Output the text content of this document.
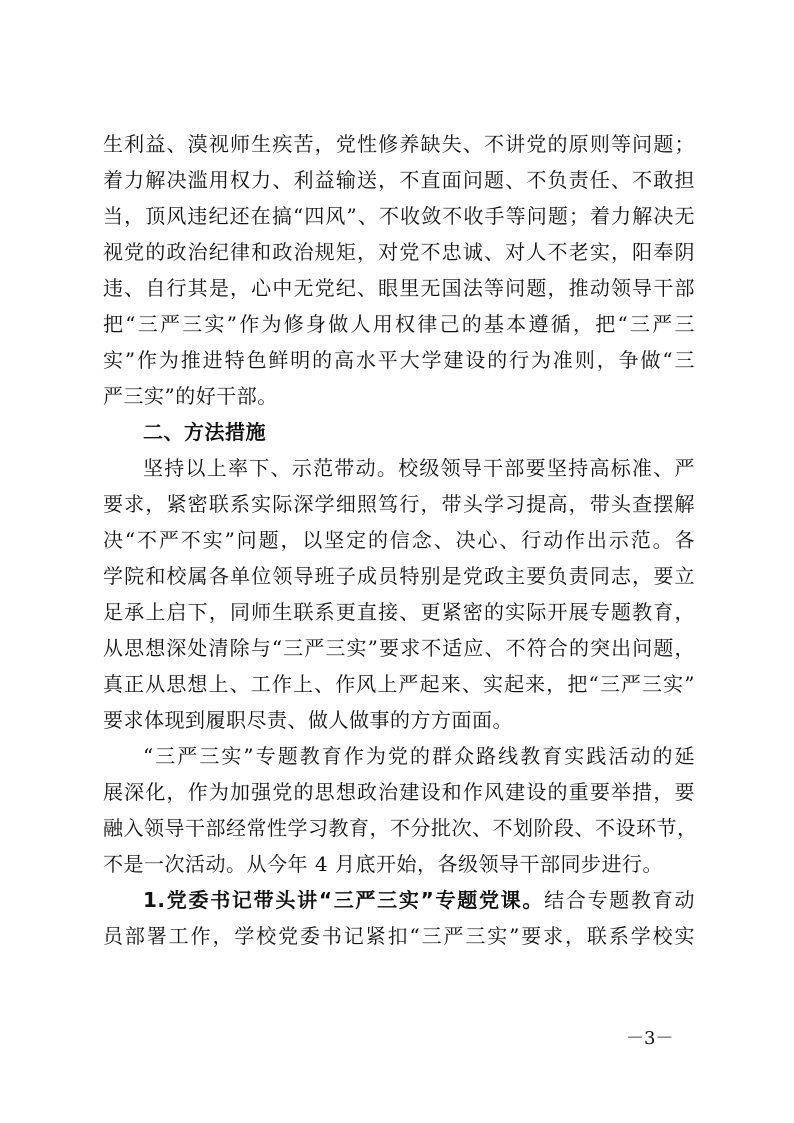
生利益、漠视师生疾苦，党性修养缺失、不讲党的原则等问题；
着力解决滥用权力、利益输送，不直面问题、不负责任、不敢担
当，顶风违纪还在搞“四风”、不收敛不收手等问题；着力解决无
视党的政治纪律和政治规矩，对党不忠诚、对人不老实，阳奉阴
违、自行其是，心中无党纪、眼里无国法等问题，推动领导干部
把“三严三实”作为修身做人用权律己的基本遵循，把“三严三
实”作为推进特色鲜明的高水平大学建设的行为准则，争做“三
严三实”的好干部。
二、方法措施
坚持以上率下、示范带动。校级领导干部要坚持高标准、严
要求，紧密联系实际深学细照笃行，带头学习提高，带头查摆解
决“不严不实”问题，以坚定的信念、决心、行动作出示范。各
学院和校属各单位领导班子成员特别是党政主要负责同志，要立
足承上启下，同师生联系更直接、更紧密的实际开展专题教育，
从思想深处清除与“三严三实”要求不适应、不符合的突出问题，
真正从思想上、工作上、作风上严起来、实起来，把“三严三实”
要求体现到履职尽责、做人做事的方方面面。
“三严三实”专题教育作为党的群众路线教育实践活动的延
展深化，作为加强党的思想政治建设和作风建设的重要举措，要
融入领导干部经常性学习教育，不分批次、不划阶段、不设环节，
不是一次活动。从今年 4 月底开始，各级领导干部同步进行。
1.党委书记带头讲“三严三实”专题党课。结合专题教育动
员部署工作，学校党委书记紧扣“三严三实”要求，联系学校实
－3－
